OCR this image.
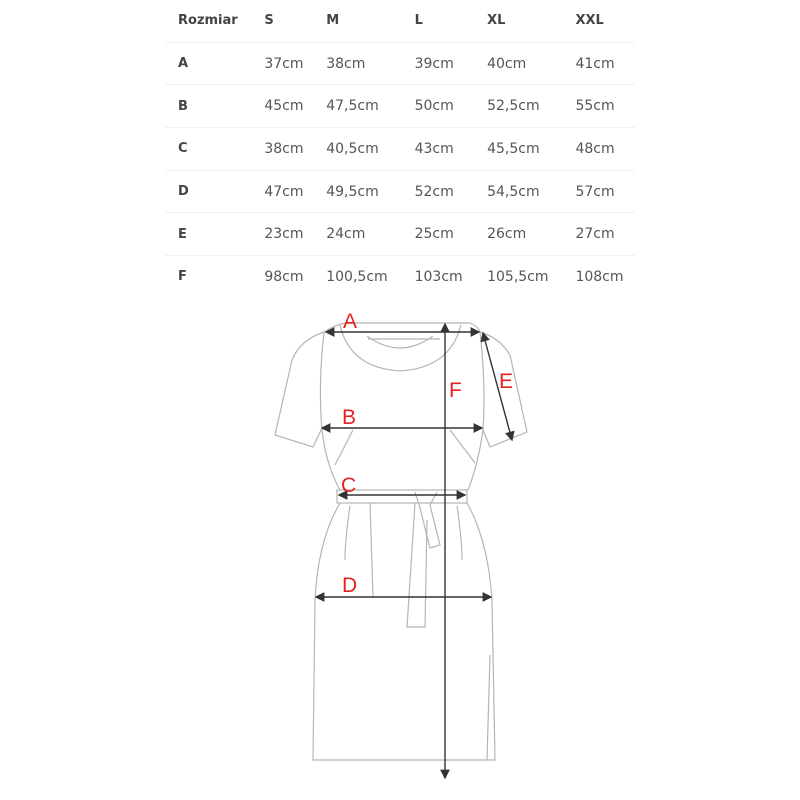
Rozmiar	S	M	L	XL	XXL
A	37cm	38cm	39cm	40cm	41cm
B	45cm	47,5cm	50cm	52,5cm	55cm
C	38cm	40,5cm	43cm	45,5cm	48cm
D	47cm	49,5cm	52cm	54,5cm	57cm
E	23cm	24cm	25cm	26cm	27cm
F	98cm	100,5cm	103cm	105,5cm	108cm
A
B
C
D
E
F
